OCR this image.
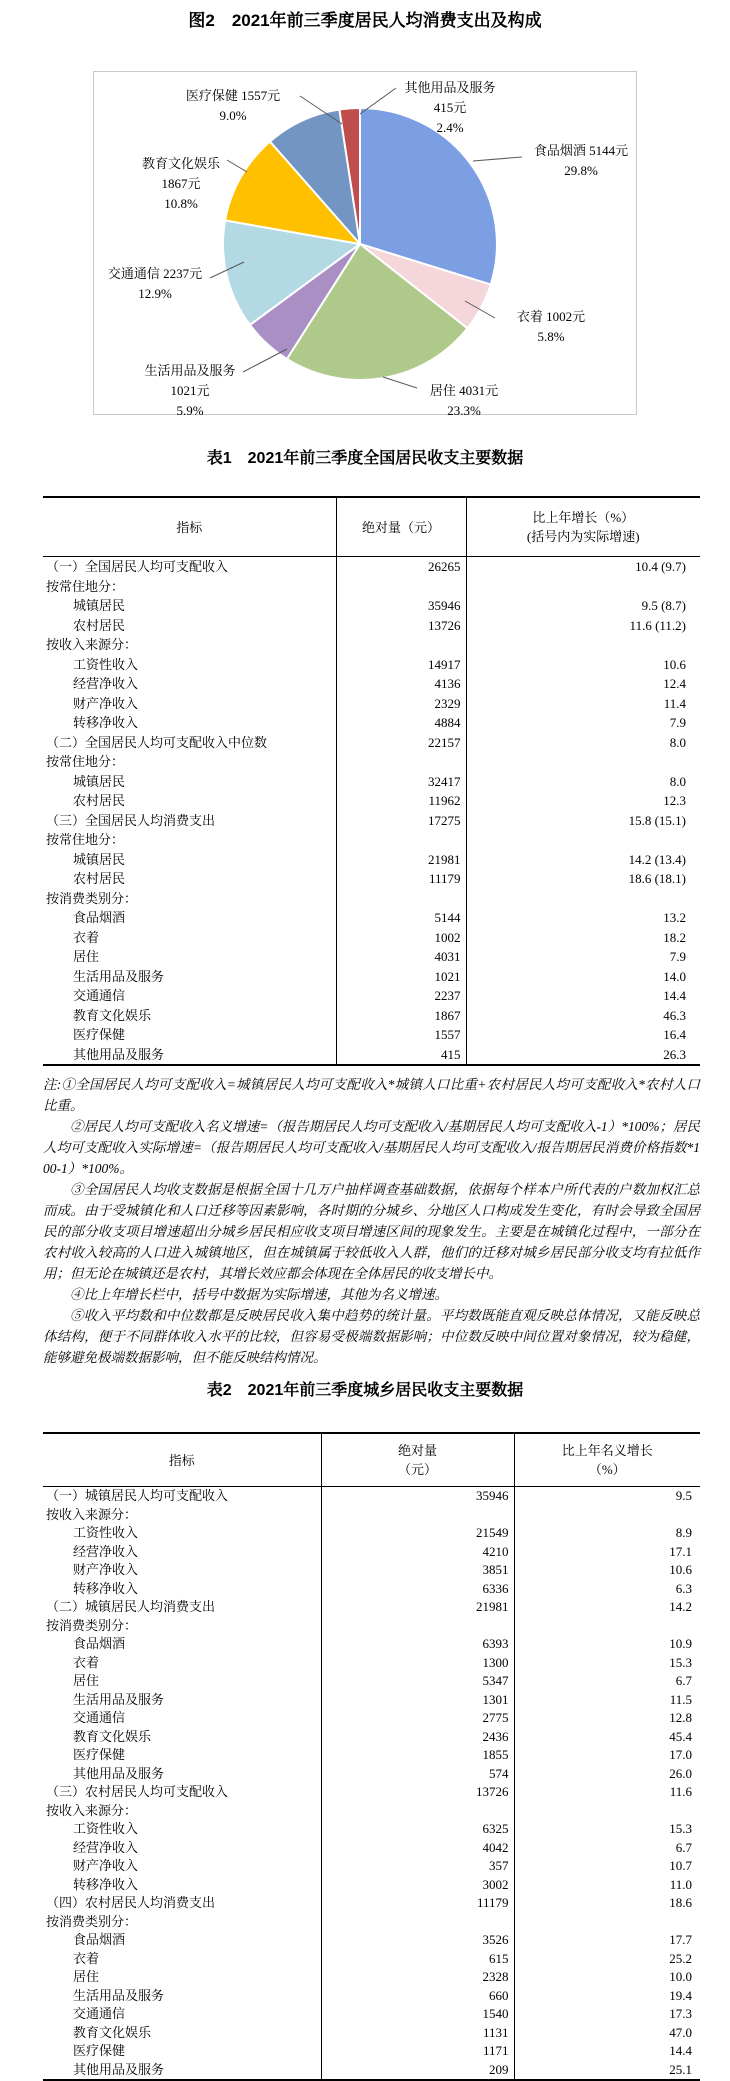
图2　2021年前三季度居民人均消费支出及构成
食品烟酒 5144元
29.8%
衣着 1002元
5.8%
居住 4031元
23.3%
生活用品及服务
1021元
5.9%
交通通信 2237元
12.9%
教育文化娱乐
1867元
10.8%
医疗保健 1557元
9.0%
其他用品及服务
415元
2.4%
表1　2021年前三季度全国居民收支主要数据
指标	绝对量（元）	比上年增长（%）
(括号内为实际增速)

（一）全国居民人均可支配收入	26265	10.4 (9.7)
按常住地分：		
城镇居民	35946	9.5 (8.7)
农村居民	13726	11.6 (11.2)
按收入来源分：		
工资性收入	14917	10.6
经营净收入	4136	12.4
财产净收入	2329	11.4
转移净收入	4884	7.9
（二）全国居民人均可支配收入中位数	22157	8.0
按常住地分：		
城镇居民	32417	8.0
农村居民	11962	12.3
（三）全国居民人均消费支出	17275	15.8 (15.1)
按常住地分：		
城镇居民	21981	14.2 (13.4)
农村居民	11179	18.6 (18.1)
按消费类别分：		
食品烟酒	5144	13.2
衣着	1002	18.2
居住	4031	7.9
生活用品及服务	1021	14.0
交通通信	2237	14.4
教育文化娱乐	1867	46.3
医疗保健	1557	16.4
其他用品及服务	415	26.3

注:①全国居民人均可支配收入=城镇居民人均可支配收入*城镇人口比重+农村居民人均可支配收入*农村人口比重。

②居民人均可支配收入名义增速=（报告期居民人均可支配收入/基期居民人均可支配收入-1）*100%；居民人均可支配收入实际增速=（报告期居民人均可支配收入/基期居民人均可支配收入/报告期居民消费价格指数*100-1）*100%。

③全国居民人均收支数据是根据全国十几万户抽样调查基础数据，依据每个样本户所代表的户数加权汇总而成。由于受城镇化和人口迁移等因素影响，各时期的分城乡、分地区人口构成发生变化，有时会导致全国居民的部分收支项目增速超出分城乡居民相应收支项目增速区间的现象发生。主要是在城镇化过程中，一部分在农村收入较高的人口进入城镇地区，但在城镇属于较低收入人群，他们的迁移对城乡居民部分收支均有拉低作用；但无论在城镇还是农村，其增长效应都会体现在全体居民的收支增长中。

④比上年增长栏中，括号中数据为实际增速，其他为名义增速。

⑤收入平均数和中位数都是反映居民收入集中趋势的统计量。平均数既能直观反映总体情况，又能反映总体结构，便于不同群体收入水平的比较，但容易受极端数据影响；中位数反映中间位置对象情况，较为稳健，能够避免极端数据影响，但不能反映结构情况。

表2　2021年前三季度城乡居民收支主要数据
指标

绝对量
（元）

比上年名义增长
（%）

（一）城镇居民人均可支配收入	35946	9.5
按收入来源分：		
工资性收入	21549	8.9
经营净收入	4210	17.1
财产净收入	3851	10.6
转移净收入	6336	6.3
（二）城镇居民人均消费支出	21981	14.2
按消费类别分：		
食品烟酒	6393	10.9
衣着	1300	15.3
居住	5347	6.7
生活用品及服务	1301	11.5
交通通信	2775	12.8
教育文化娱乐	2436	45.4
医疗保健	1855	17.0
其他用品及服务	574	26.0
（三）农村居民人均可支配收入	13726	11.6
按收入来源分：		
工资性收入	6325	15.3
经营净收入	4042	6.7
财产净收入	357	10.7
转移净收入	3002	11.0
（四）农村居民人均消费支出	11179	18.6
按消费类别分：		
食品烟酒	3526	17.7
衣着	615	25.2
居住	2328	10.0
生活用品及服务	660	19.4
交通通信	1540	17.3
教育文化娱乐	1131	47.0
医疗保健	1171	14.4
其他用品及服务	209	25.1
